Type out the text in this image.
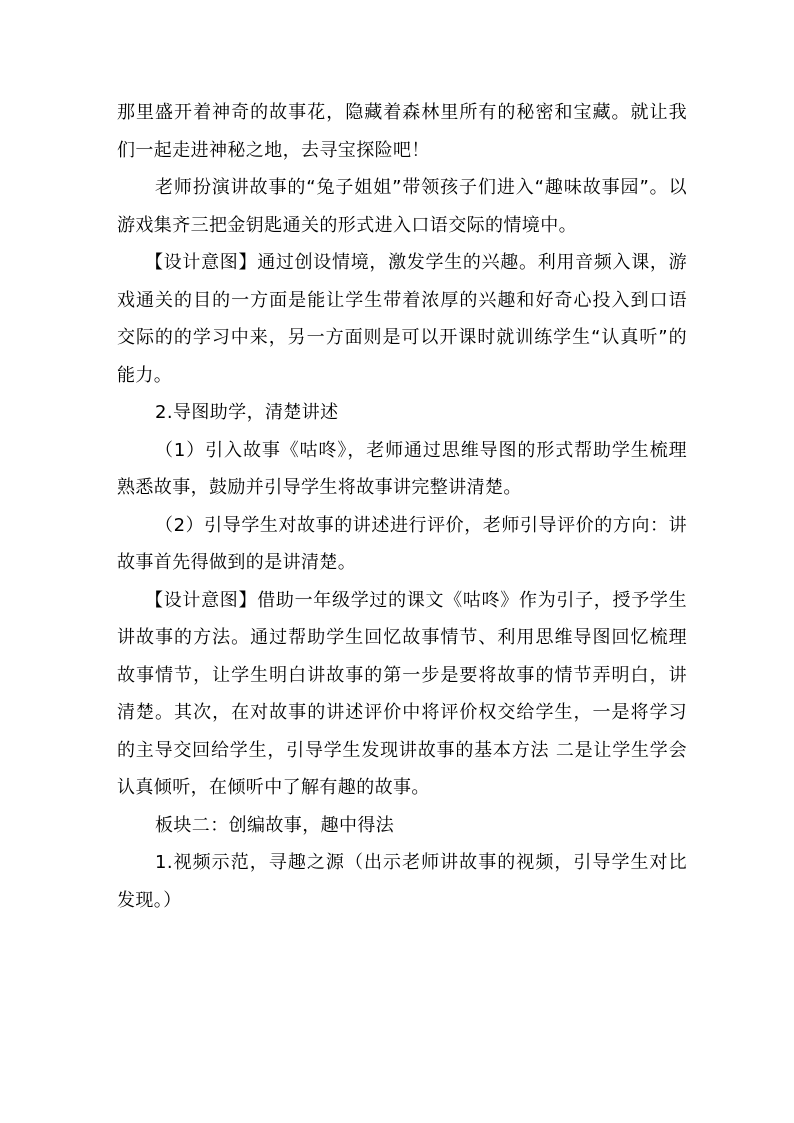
那里盛开着神奇的故事花，隐藏着森林里所有的秘密和宝藏。就让我们一起走进神秘之地，去寻宝探险吧！

老师扮演讲故事的“兔子姐姐”带领孩子们进入“趣味故事园”。以游戏集齐三把金钥匙通关的形式进入口语交际的情境中。

【设计意图】通过创设情境，激发学生的兴趣。利用音频入课，游戏通关的目的一方面是能让学生带着浓厚的兴趣和好奇心投入到口语交际的的学习中来，另一方面则是可以开课时就训练学生“认真听”的能力。

2.导图助学，清楚讲述

（1）引入故事《咕咚》，老师通过思维导图的形式帮助学生梳理熟悉故事，鼓励并引导学生将故事讲完整讲清楚。

（2）引导学生对故事的讲述进行评价，老师引导评价的方向：讲故事首先得做到的是讲清楚。

【设计意图】借助一年级学过的课文《咕咚》作为引子，授予学生讲故事的方法。通过帮助学生回忆故事情节、利用思维导图回忆梳理故事情节，让学生明白讲故事的第一步是要将故事的情节弄明白，讲清楚。其次，在对故事的讲述评价中将评价权交给学生，一是将学习的主导交回给学生，引导学生发现讲故事的基本方法 二是让学生学会认真倾听，在倾听中了解有趣的故事。

板块二：创编故事，趣中得法

1.视频示范，寻趣之源（出示老师讲故事的视频，引导学生对比发现。）
